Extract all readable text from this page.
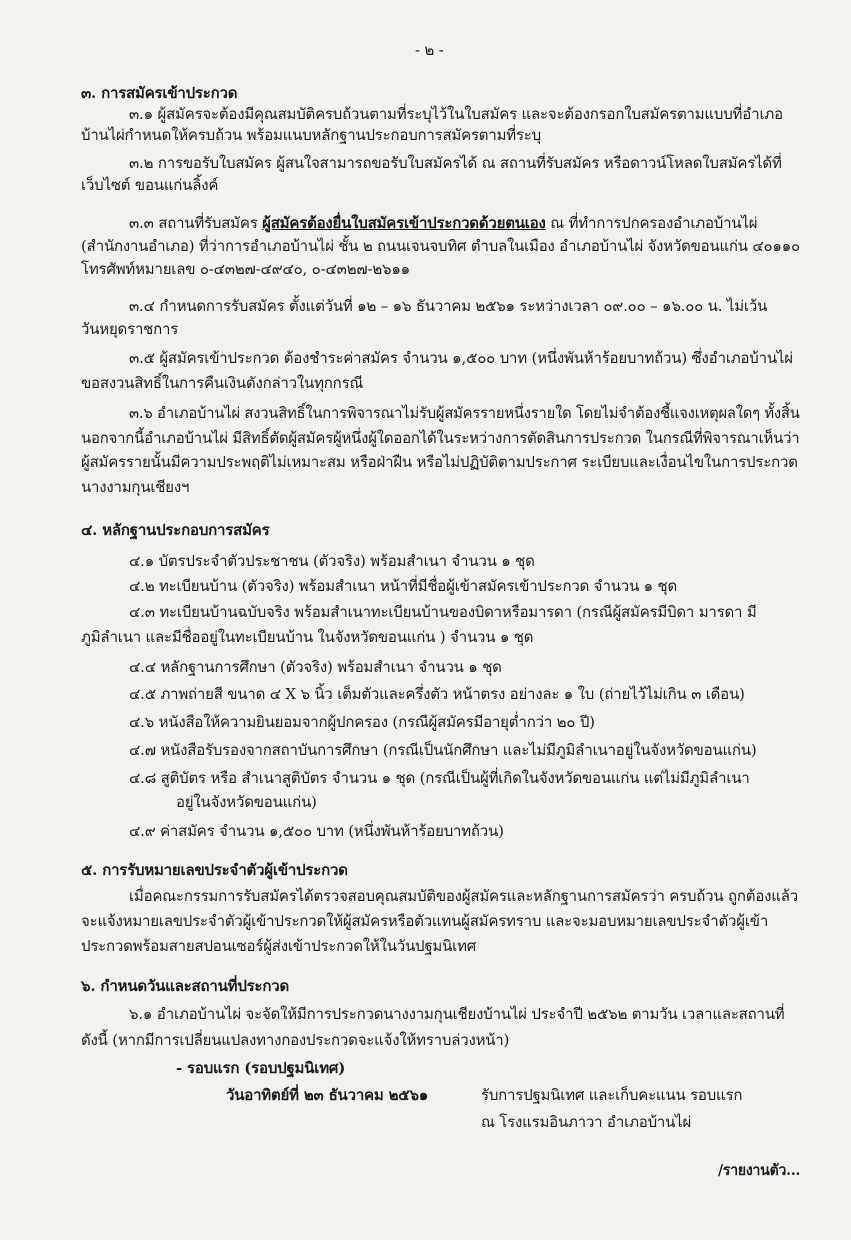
- ๒ -
๓. การสมัครเข้าประกวด
๓.๑ ผู้สมัครจะต้องมีคุณสมบัติครบถ้วนตามที่ระบุไว้ในใบสมัคร และจะต้องกรอกใบสมัครตามแบบที่อำเภอ
บ้านไผ่กำหนดให้ครบถ้วน พร้อมแนบหลักฐานประกอบการสมัครตามที่ระบุ
๓.๒ การขอรับใบสมัคร ผู้สนใจสามารถขอรับใบสมัครได้ ณ สถานที่รับสมัคร หรือดาวน์โหลดใบสมัครได้ที่
เว็บไซต์ ขอนแก่นลิ้งค์
๓.๓ สถานที่รับสมัคร ผู้สมัครต้องยื่นใบสมัครเข้าประกวดด้วยตนเอง ณ ที่ทำการปกครองอำเภอบ้านไผ่
(สำนักงานอำเภอ) ที่ว่าการอำเภอบ้านไผ่ ชั้น ๒ ถนนเจนจบทิศ ตำบลในเมือง อำเภอบ้านไผ่ จังหวัดขอนแก่น ๔๐๑๑๐
โทรศัพท์หมายเลข ๐-๔๓๒๗-๔๙๔๐, ๐-๔๓๒๗-๒๖๑๑
๓.๔ กำหนดการรับสมัคร ตั้งแต่วันที่ ๑๒ – ๑๖ ธันวาคม ๒๕๖๑ ระหว่างเวลา ๐๙.๐๐ – ๑๖.๐๐ น. ไม่เว้น
วันหยุดราชการ
๓.๕ ผู้สมัครเข้าประกวด ต้องชำระค่าสมัคร จำนวน ๑,๕๐๐ บาท (หนึ่งพันห้าร้อยบาทถ้วน) ซึ่งอำเภอบ้านไผ่
ขอสงวนสิทธิ์ในการคืนเงินดังกล่าวในทุกกรณี
๓.๖ อำเภอบ้านไผ่ สงวนสิทธิ์ในการพิจารณาไม่รับผู้สมัครรายหนึ่งรายใด โดยไม่จำต้องชี้แจงเหตุผลใดๆ ทั้งสิ้น
นอกจากนี้อำเภอบ้านไผ่ มีสิทธิ์ตัดผู้สมัครผู้หนึ่งผู้ใดออกได้ในระหว่างการตัดสินการประกวด ในกรณีที่พิจารณาเห็นว่า
ผู้สมัครรายนั้นมีความประพฤติไม่เหมาะสม หรือฝ่าฝืน หรือไม่ปฏิบัติตามประกาศ ระเบียบและเงื่อนไขในการประกวด
นางงามกุนเชียงฯ
๔. หลักฐานประกอบการสมัคร
๔.๑ บัตรประจำตัวประชาชน (ตัวจริง) พร้อมสำเนา จำนวน ๑ ชุด
๔.๒ ทะเบียนบ้าน (ตัวจริง) พร้อมสำเนา หน้าที่มีชื่อผู้เข้าสมัครเข้าประกวด จำนวน ๑ ชุด
๔.๓ ทะเบียนบ้านฉบับจริง พร้อมสำเนาทะเบียนบ้านของบิดาหรือมารดา (กรณีผู้สมัครมีบิดา มารดา มี
ภูมิลำเนา และมีชื่ออยู่ในทะเบียนบ้าน ในจังหวัดขอนแก่น ) จำนวน ๑ ชุด
๔.๔ หลักฐานการศึกษา (ตัวจริง) พร้อมสำเนา จำนวน ๑ ชุด
๔.๕ ภาพถ่ายสี ขนาด ๔ X ๖ นิ้ว เต็มตัวและครึ่งตัว หน้าตรง อย่างละ ๑ ใบ (ถ่ายไว้ไม่เกิน ๓ เดือน)
๔.๖ หนังสือให้ความยินยอมจากผู้ปกครอง (กรณีผู้สมัครมีอายุต่ำกว่า ๒๐ ปี)
๔.๗ หนังสือรับรองจากสถาบันการศึกษา (กรณีเป็นนักศึกษา และไม่มีภูมิลำเนาอยู่ในจังหวัดขอนแก่น)
๔.๘ สูติบัตร หรือ สำเนาสูติบัตร จำนวน ๑ ชุด (กรณีเป็นผู้ที่เกิดในจังหวัดขอนแก่น แต่ไม่มีภูมิลำเนา
อยู่ในจังหวัดขอนแก่น)
๔.๙ ค่าสมัคร จำนวน ๑,๕๐๐ บาท (หนึ่งพันห้าร้อยบาทถ้วน)
๕. การรับหมายเลขประจำตัวผู้เข้าประกวด
เมื่อคณะกรรมการรับสมัครได้ตรวจสอบคุณสมบัติของผู้สมัครและหลักฐานการสมัครว่า ครบถ้วน ถูกต้องแล้ว
จะแจ้งหมายเลขประจำตัวผู้เข้าประกวดให้ผู้สมัครหรือตัวแทนผู้สมัครทราบ และจะมอบหมายเลขประจำตัวผู้เข้า
ประกวดพร้อมสายสปอนเซอร์ผู้ส่งเข้าประกวดให้ในวันปฐมนิเทศ
๖. กำหนดวันและสถานที่ประกวด
๖.๑ อำเภอบ้านไผ่ จะจัดให้มีการประกวดนางงามกุนเชียงบ้านไผ่ ประจำปี ๒๕๖๒ ตามวัน เวลาและสถานที่
ดังนี้ (หากมีการเปลี่ยนแปลงทางกองประกวดจะแจ้งให้ทราบล่วงหน้า)
- รอบแรก (รอบปฐมนิเทศ)
วันอาทิตย์ที่ ๒๓ ธันวาคม ๒๕๖๑	รับการปฐมนิเทศ และเก็บคะแนน รอบแรก
ณ โรงแรมอินภาวา อำเภอบ้านไผ่
/รายงานตัว...
